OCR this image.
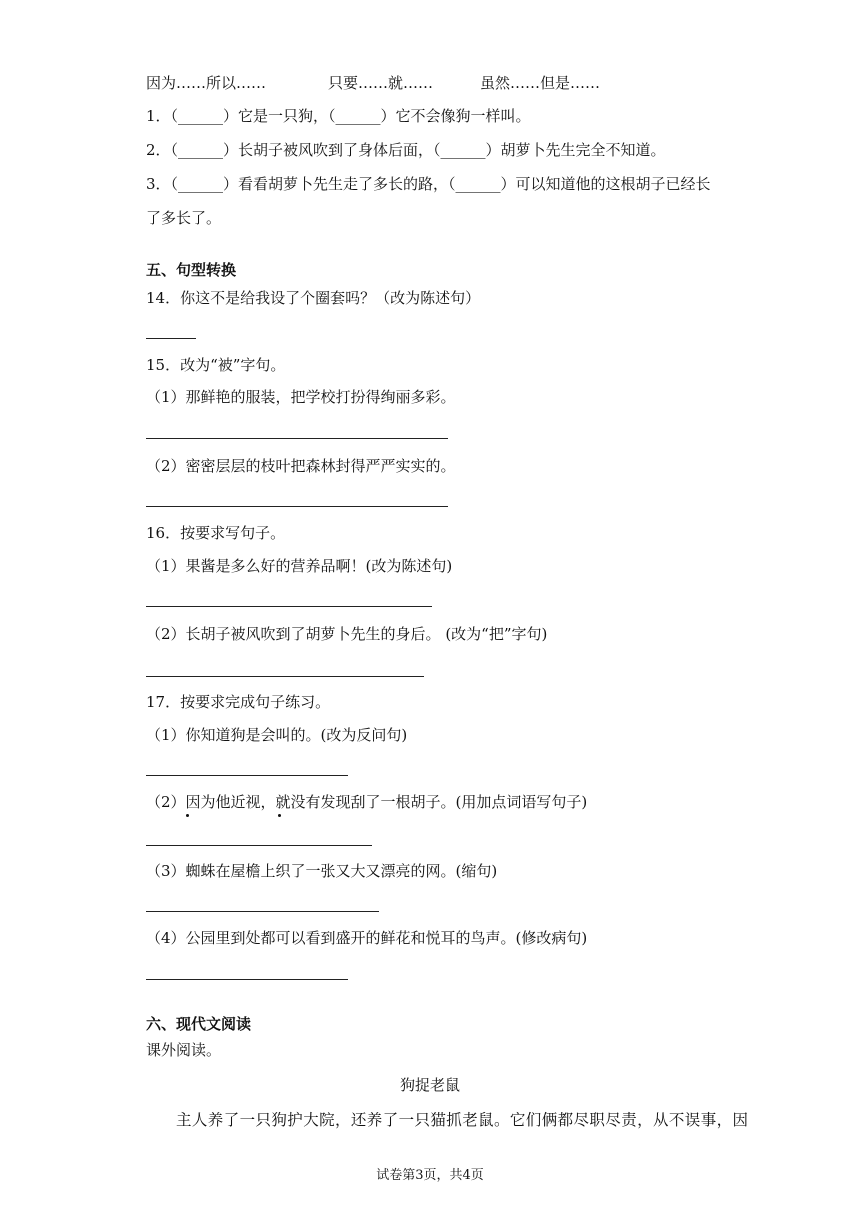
因为……所以……	只要……就……	虽然……但是……
1．（______）它是一只狗，（______）它不会像狗一样叫。
2．（______）长胡子被风吹到了身体后面，（______）胡萝卜先生完全不知道。
3．（______）看看胡萝卜先生走了多长的路，（______）可以知道他的这根胡子已经长
了多长了。
五、句型转换
14．你这不是给我设了个圈套吗？（改为陈述句）
15．改为“被”字句。
（1）那鲜艳的服装，把学校打扮得绚丽多彩。
（2）密密层层的枝叶把森林封得严严实实的。
16．按要求写句子。
（1）果酱是多么好的营养品啊！(改为陈述句)
（2）长胡子被风吹到了胡萝卜先生的身后。 (改为“把”字句)
17．按要求完成句子练习。
（1）你知道狗是会叫的。(改为反问句)
（2）因为他近视，就没有发现刮了一根胡子。(用加点词语写句子)
（3）蜘蛛在屋檐上织了一张又大又漂亮的网。(缩句)
（4）公园里到处都可以看到盛开的鲜花和悦耳的鸟声。(修改病句)
六、现代文阅读
课外阅读。
狗捉老鼠
主人养了一只狗护大院，还养了一只猫抓老鼠。它们俩都尽职尽责，从不误事，因
试卷第3页，共4页
